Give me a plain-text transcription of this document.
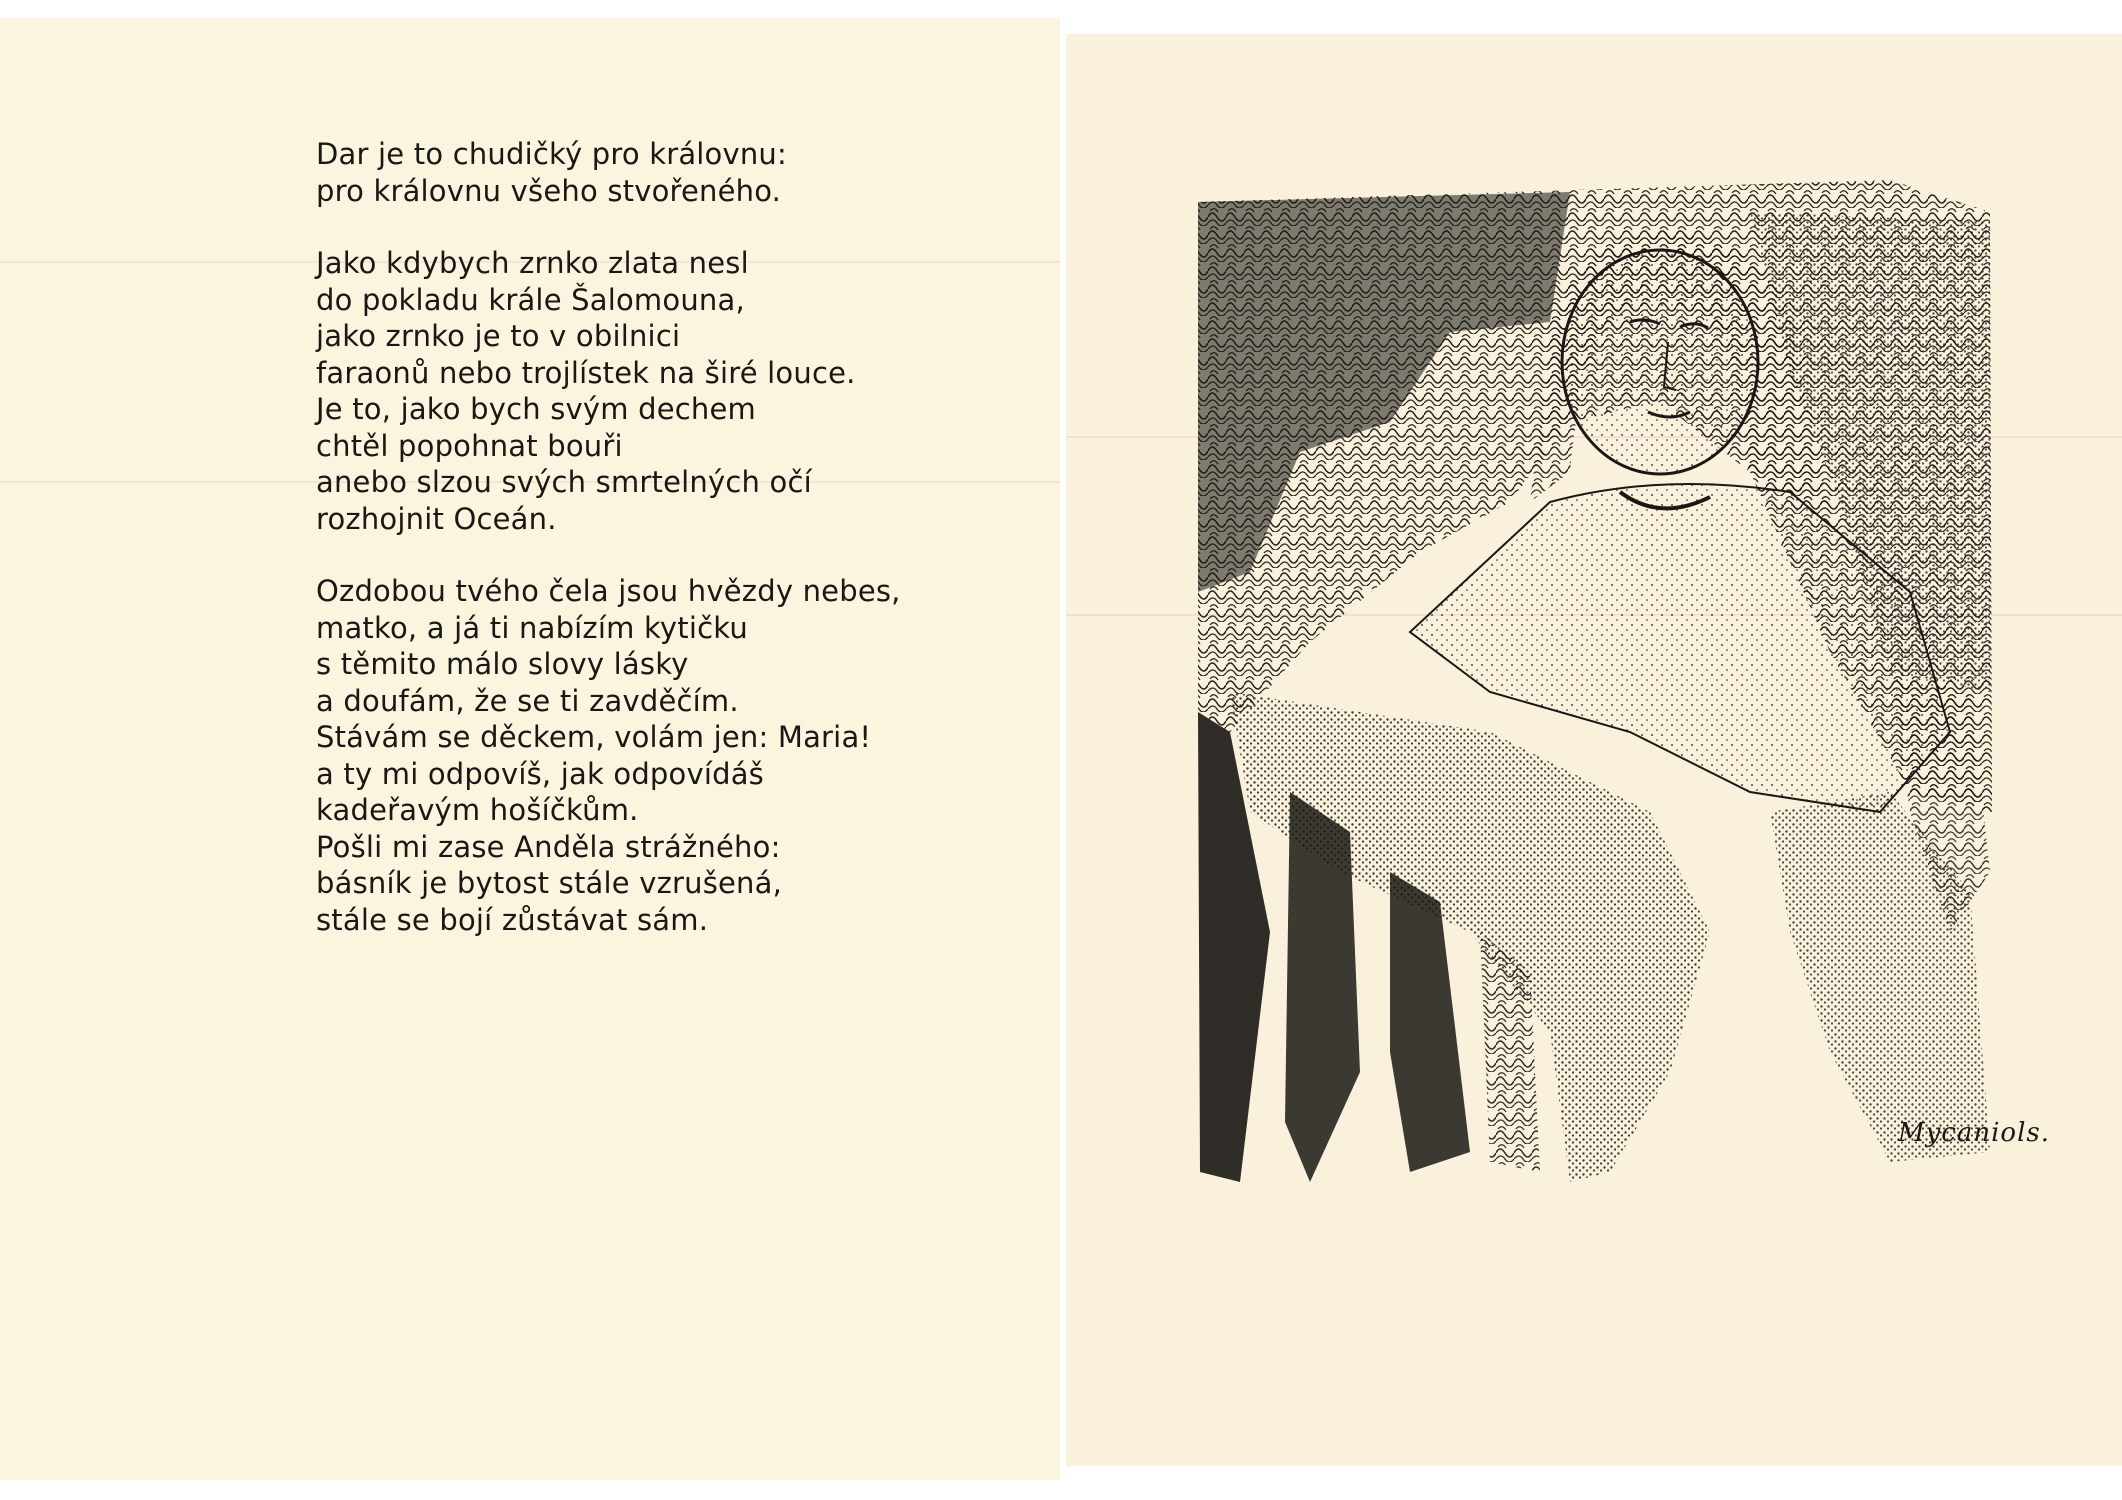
Dar je to chudičký pro královnu:
pro královnu všeho stvořeného.
Jako kdybych zrnko zlata nesl
do pokladu krále Šalomouna,
jako zrnko je to v obilnici
faraonů nebo trojlístek na širé louce.
Je to, jako bych svým dechem
chtěl popohnat bouři
anebo slzou svých smrtelných očí
rozhojnit Oceán.
Ozdobou tvého čela jsou hvězdy nebes,
matko, a já ti nabízím kytičku
s těmito málo slovy lásky
a doufám, že se ti zavděčím.
Stávám se děckem, volám jen: Maria!
a ty mi odpovíš, jak odpovídáš
kadeřavým hošíčkům.
Pošli mi zase Anděla strážného:
básník je bytost stále vzrušená,
stále se bojí zůstávat sám.
Mycaniols.
